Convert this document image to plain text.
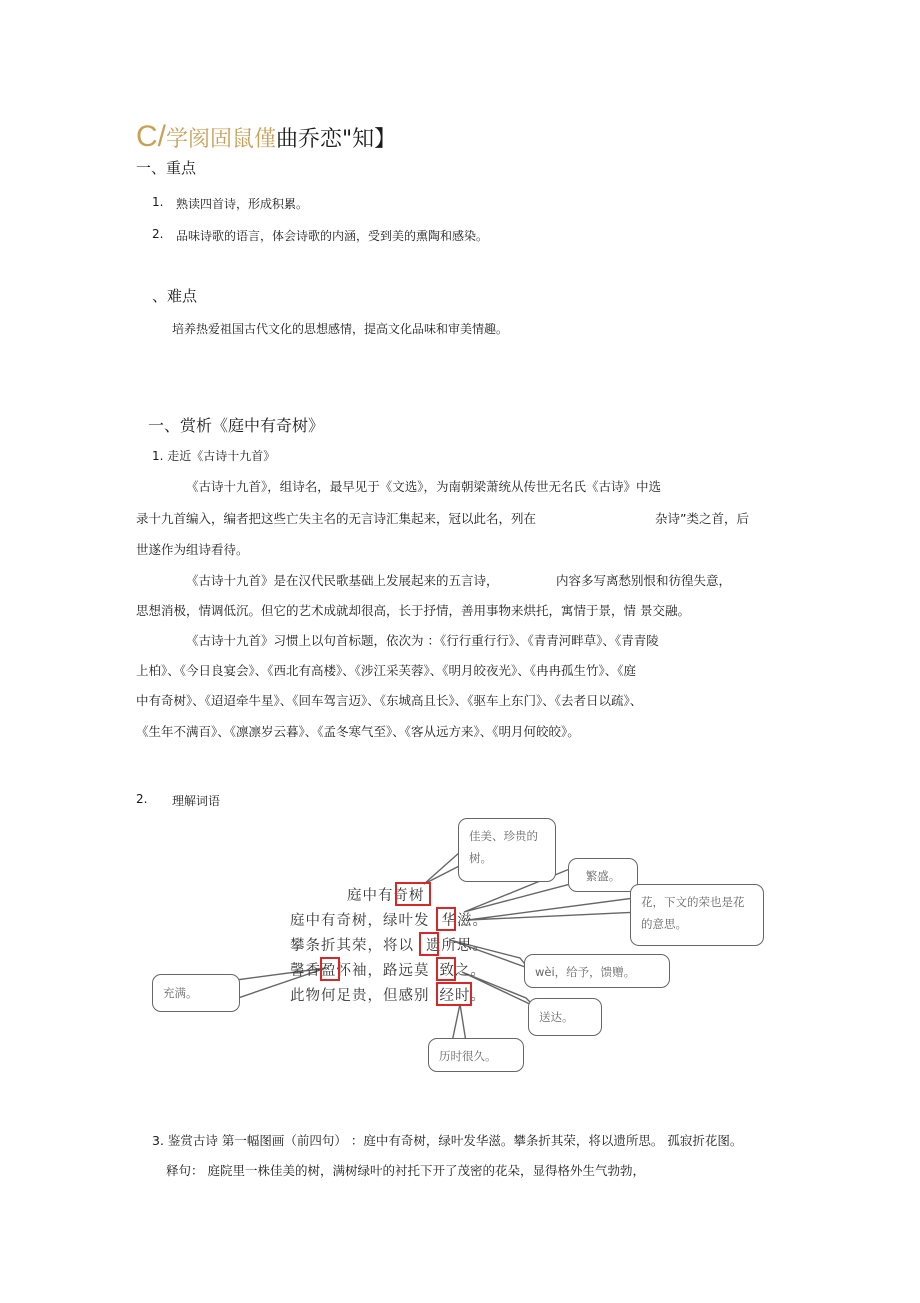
C/学阂固鼠僅曲乔恋"知】
一、重点
1. 熟读四首诗，形成积累。
2. 品味诗歌的语言，体会诗歌的内涵，受到美的熏陶和感染。
、难点
培养热爱祖国古代文化的思想感情，提高文化品味和审美情趣。
一、赏析《庭中有奇树》
1. 走近《古诗十九首》
《古诗十九首》，组诗名，最早见于《文选》，为南朝梁萧统从传世无名氏《古诗》中选
录十九首编入，编者把这些亡失主名的无言诗汇集起来，冠以此名，列在	杂诗”类之首，后
世遂作为组诗看待。
《古诗十九首》是在汉代民歌基础上发展起来的五言诗，	内容多写离愁别恨和彷徨失意，
思想消极，情调低沉。但它的艺术成就却很高，长于抒情，善用事物来烘托，寓情于景，情 景交融。
《古诗十九首》习惯上以句首标题，依次为 ：《行行重行行》、《青青河畔草》、《青青陵
上柏》、《今日良宴会》、《西北有高楼》、《涉江采芙蓉》、《明月皎夜光》、《冉冉孤生竹》、《庭
中有奇树》、《迢迢牵牛星》、《回车驾言迈》、《东城高且长》、《驱车上东门》、《去者日以疏》、
《生年不满百》、《凛凛岁云暮》、《孟冬寒气至》、《客从远方来》、《明月何皎皎》。
2. 理解词语
佳美、珍贵的树。
繁盛。
花，下文的荣也是花的意思。
wèi，给予，馈赠。
充满。
送达。
历时很久。
庭中有奇树
庭中有奇树，绿叶发 华滋。
攀条折其荣，将以 遗所思。
馨香盈怀袖，路远莫 致之。
此物何足贵，但感别 经时。
3. 鉴赏古诗 第一幅图画（前四句） ：庭中有奇树，绿叶发华滋。攀条折其荣，将以遗所思。 孤寂折花图。
释句： 庭院里一株佳美的树，满树绿叶的衬托下开了茂密的花朵，显得格外生气勃勃，
